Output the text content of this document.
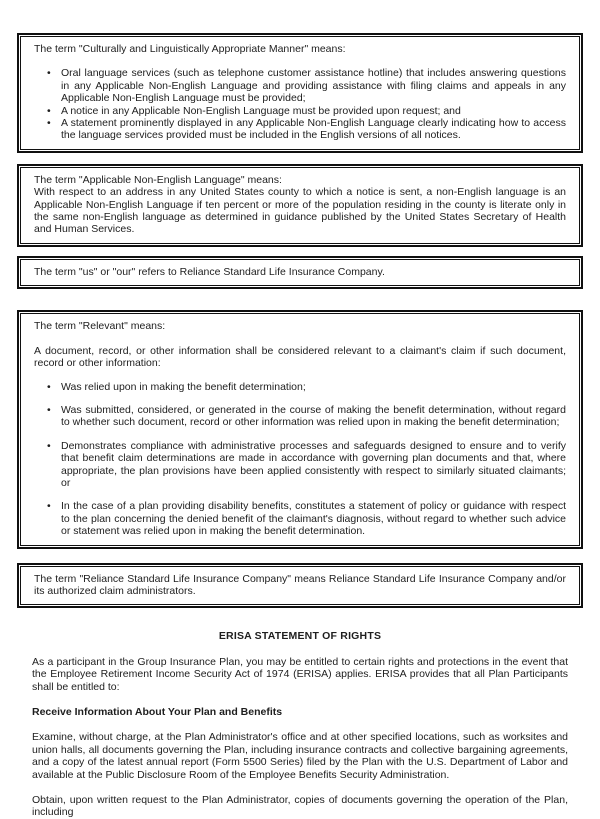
The term "Culturally and Linguistically Appropriate Manner" means:

• Oral language services (such as telephone customer assistance hotline) that includes answering questions in any Applicable Non-English Language and providing assistance with filing claims and appeals in any Applicable Non-English Language must be provided;
• A notice in any Applicable Non-English Language must be provided upon request; and
• A statement prominently displayed in any Applicable Non-English Language clearly indicating how to access the language services provided must be included in the English versions of all notices.

The term "Applicable Non-English Language" means:

With respect to an address in any United States county to which a notice is sent, a non-English language is an Applicable Non-English Language if ten percent or more of the population residing in the county is literate only in the same non-English language as determined in guidance published by the United States Secretary of Health and Human Services.

The term "us" or "our" refers to Reliance Standard Life Insurance Company.

The term "Relevant" means:

A document, record, or other information shall be considered relevant to a claimant's claim if such document, record or other information:

• Was relied upon in making the benefit determination;
• Was submitted, considered, or generated in the course of making the benefit determination, without regard to whether such document, record or other information was relied upon in making the benefit determination;
• Demonstrates compliance with administrative processes and safeguards designed to ensure and to verify that benefit claim determinations are made in accordance with governing plan documents and that, where appropriate, the plan provisions have been applied consistently with respect to similarly situated claimants; or
• In the case of a plan providing disability benefits, constitutes a statement of policy or guidance with respect to the plan concerning the denied benefit of the claimant's diagnosis, without regard to whether such advice or statement was relied upon in making the benefit determination.

The term "Reliance Standard Life Insurance Company" means Reliance Standard Life Insurance Company and/or its authorized claim administrators.

ERISA STATEMENT OF RIGHTS

As a participant in the Group Insurance Plan, you may be entitled to certain rights and protections in the event that the Employee Retirement Income Security Act of 1974 (ERISA) applies. ERISA provides that all Plan Participants shall be entitled to:

Receive Information About Your Plan and Benefits

Examine, without charge, at the Plan Administrator's office and at other specified locations, such as worksites and union halls, all documents governing the Plan, including insurance contracts and collective bargaining agreements, and a copy of the latest annual report (Form 5500 Series) filed by the Plan with the U.S. Department of Labor and available at the Public Disclosure Room of the Employee Benefits Security Administration.

Obtain, upon written request to the Plan Administrator, copies of documents governing the operation of the Plan, including
